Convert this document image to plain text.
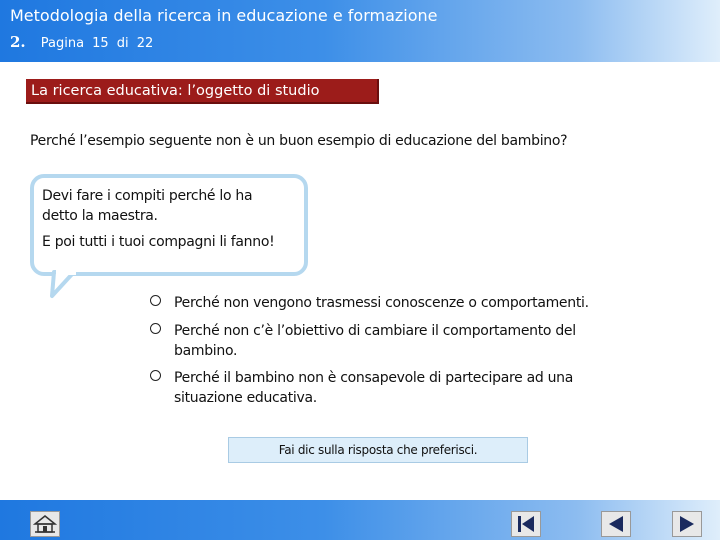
Metodologia della ricerca in educazione e formazione
2. Pagina 15 di 22
La ricerca educativa: l’oggetto di studio
Perché l’esempio seguente non è un buon esempio di educazione del bambino?
Devi fare i compiti perché lo ha detto la maestra.
E poi tutti i tuoi compagni li fanno!
Perché non vengono trasmessi conoscenze o comportamenti.
Perché non c’è l’obiettivo di cambiare il comportamento del bambino.
Perché il bambino non è consapevole di partecipare ad una situazione educativa.
Fai dic sulla risposta che preferisci.
